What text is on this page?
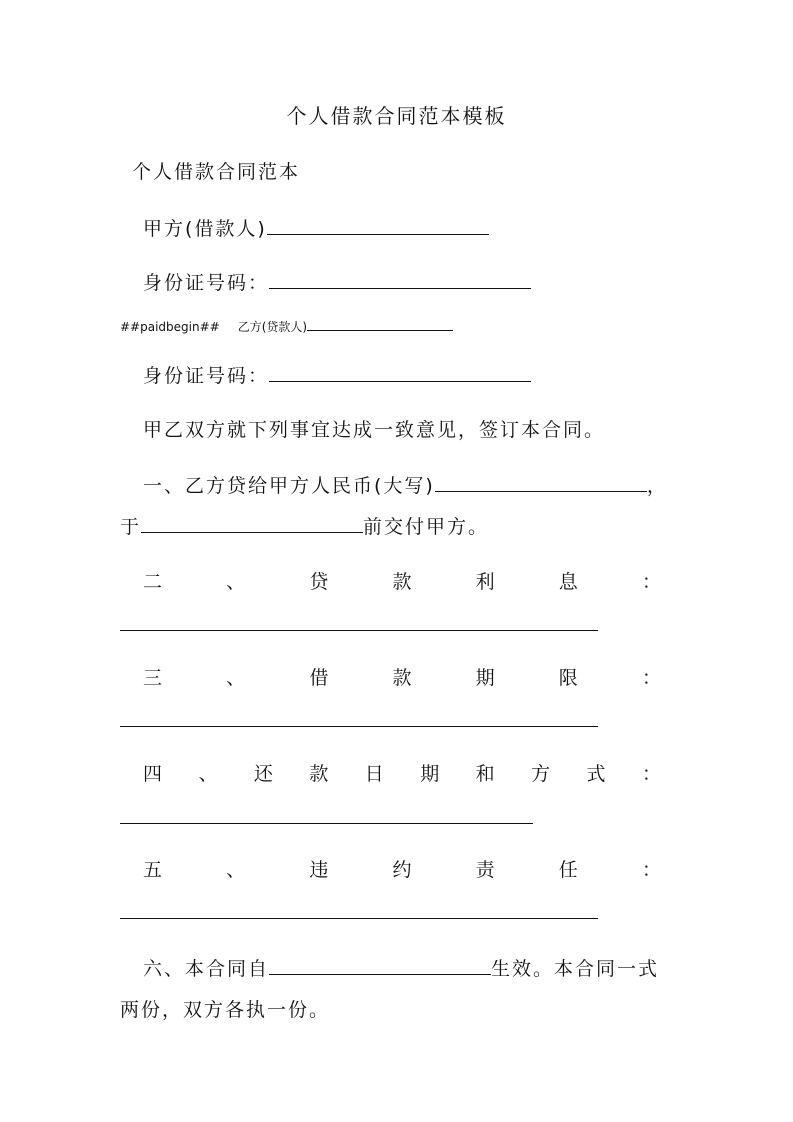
个人借款合同范本模板
个人借款合同范本
甲方(借款人)
身份证号码：
##paidbegin## 乙方(贷款人)
身份证号码：
甲乙双方就下列事宜达成一致意见，签订本合同。
一、乙方贷给甲方人民币(大写)	，
于	前交付甲方。
二	、	贷	款	利	息	：
三	、	借	款	期	限	：
四 、 还 款 日 期 和 方 式 ：
五	、	违	约	责	任	：
六、本合同自	生效。本合同一式
两份，双方各执一份。
